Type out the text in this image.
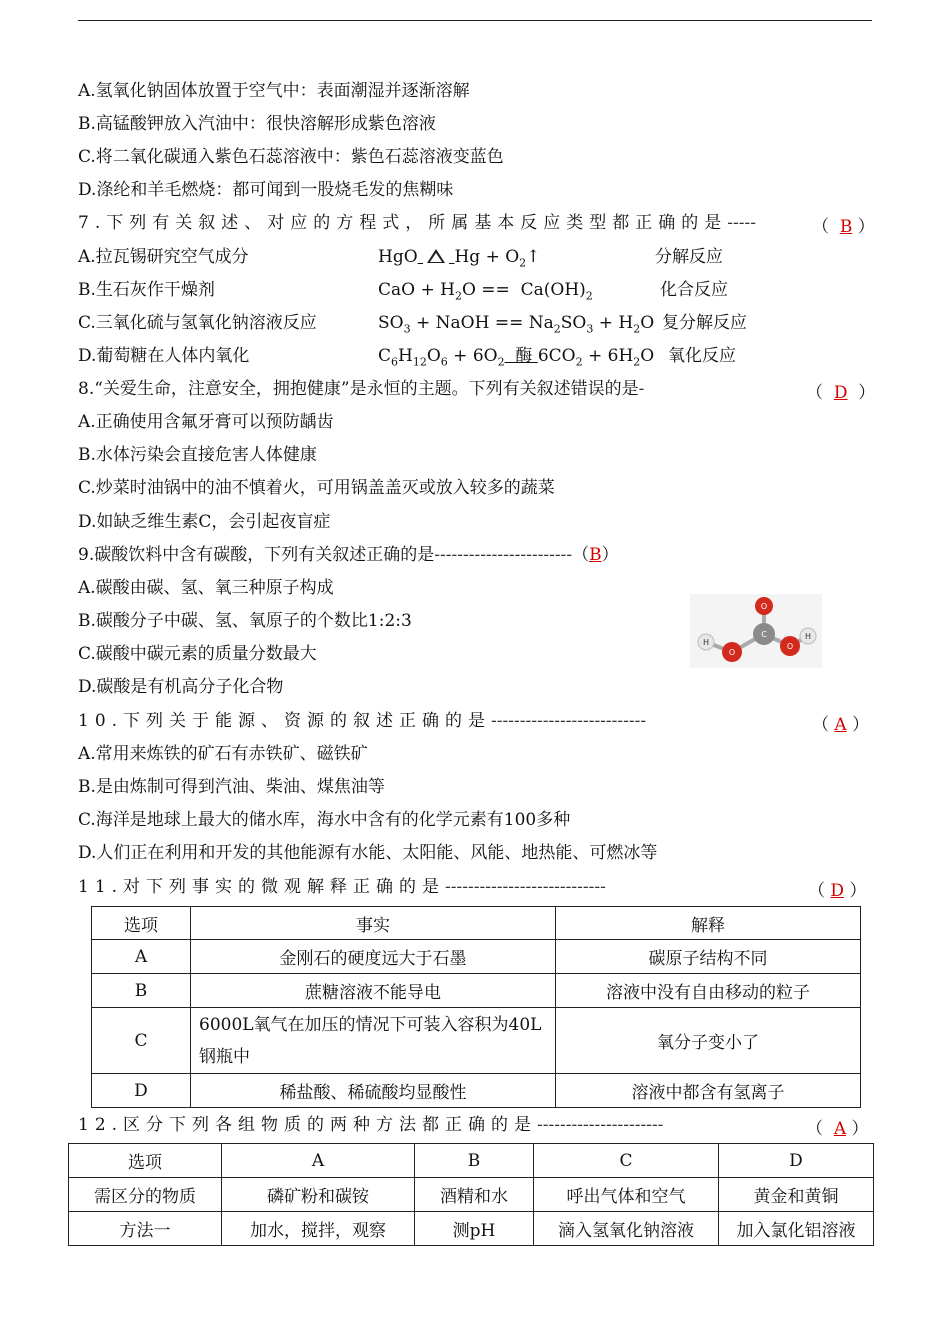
A.氢氧化钠固体放置于空气中：表面潮湿并逐渐溶解
B.高锰酸钾放入汽油中：很快溶解形成紫色溶液
C.将二氧化碳通入紫色石蕊溶液中：紫色石蕊溶液变蓝色
D.涤纶和羊毛燃烧：都可闻到一股烧毛发的焦糊味
7.下列有关叙述、对应的方程式，所属基本反应类型都正确的是-----	（  B ）
A.拉瓦锡研究空气成分	HgO $Hg + O_2↑$	分解反应
B.生石灰作干燥剂	CaO + $H_2O == Ca(OH)_2$	化合反应
C.三氧化硫与氢氧化钠溶液反应	$SO_3$ + NaOH == $Na_2SO_3 + H_2O$ 复分解反应
D.葡萄糖在人体内氧化	$C_6H_{12}O_6 + 6O_2$ 酶 $6CO_2 + 6H_2O$ 氧化反应
8.“关爱生命，注意安全，拥抱健康”是永恒的主题。下列有关叙述错误的是-	（  D  ）
A.正确使用含氟牙膏可以预防龋齿
B.水体污染会直接危害人体健康
C.炒菜时油锅中的油不慎着火，可用锅盖盖灭或放入较多的蔬菜
D.如缺乏维生素C，会引起夜盲症
9.碳酸饮料中含有碳酸，下列有关叙述正确的是------------------------（B）
A.碳酸由碳、氢、氧三种原子构成
B.碳酸分子中碳、氢、氧原子的个数比1:2:3
C.碳酸中碳元素的质量分数最大
D.碳酸是有机高分子化合物
O
C
O
O
H
H
10.下列关于能源、资源的叙述正确的是---------------------------	（ A ）
A.常用来炼铁的矿石有赤铁矿、磁铁矿
B.是由炼制可得到汽油、柴油、煤焦油等
C.海洋是地球上最大的储水库，海水中含有的化学元素有100多种
D.人们正在利用和开发的其他能源有水能、太阳能、风能、地热能、可燃冰等
11.对下列事实的微观解释正确的是----------------------------	（ D ）
选项	事实	解释
A	金刚石的硬度远大于石墨	碳原子结构不同
B	蔗糖溶液不能导电	溶液中没有自由移动的粒子
C	6000L氧气在加压的情况下可装入容积为40L钢瓶中	氧分子变小了
D	稀盐酸、稀硫酸均显酸性	溶液中都含有氢离子
12.区分下列各组物质的两种方法都正确的是----------------------	（  A ）
选项	A	B	C	D
需区分的物质	磷矿粉和碳铵	酒精和水	呼出气体和空气	黄金和黄铜
方法一	加水，搅拌，观察	测pH	滴入氢氧化钠溶液	加入氯化铝溶液
